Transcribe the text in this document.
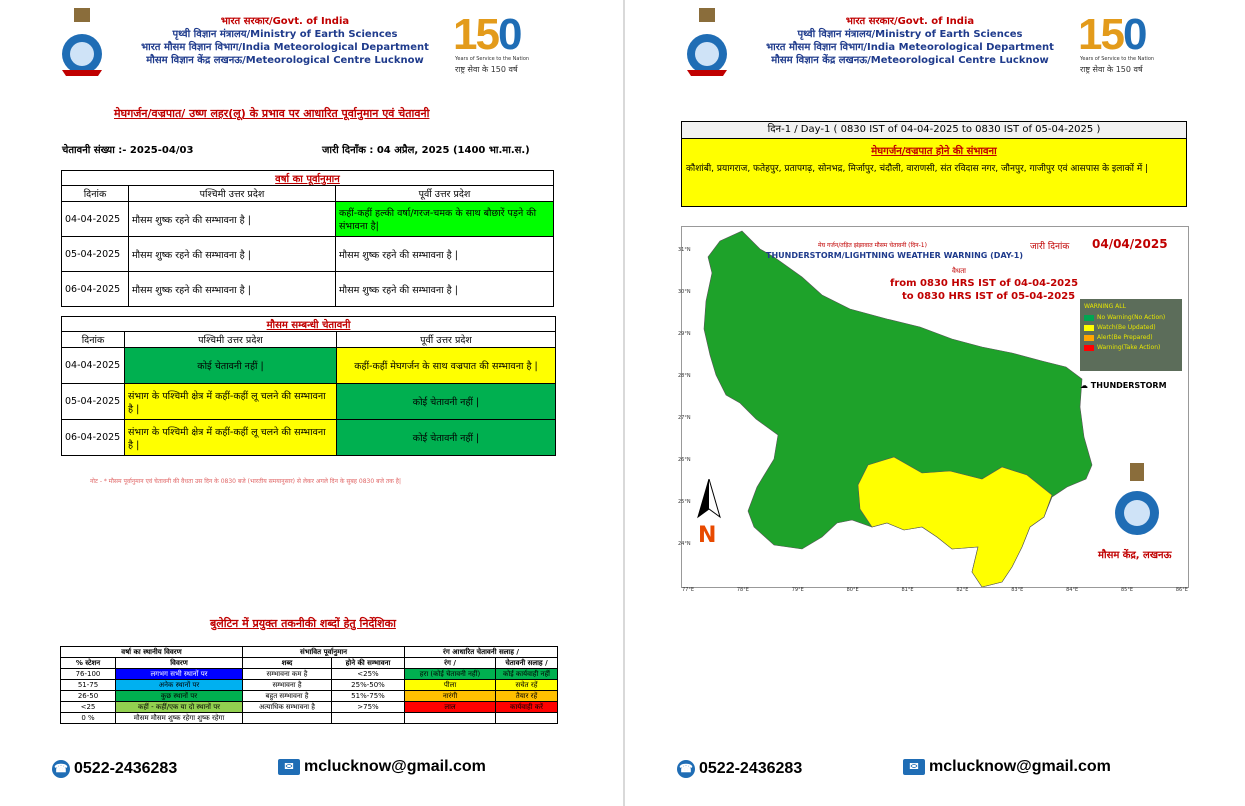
भारत सरकार/Govt. of India
पृथ्वी विज्ञान मंत्रालय/Ministry of Earth Sciences
भारत मौसम विज्ञान विभाग/India Meteorological Department
मौसम विज्ञान केंद्र लखनऊ/Meteorological Centre Lucknow
150
Years of Service to the Nation
राष्ट्र सेवा के 150 वर्ष
मेघगर्जन/वज्रपात/ उष्ण लहर(लू) के प्रभाव पर आधारित पूर्वानुमान एवं चेतावनी
चेतावनी संख्या :- 2025-04/03	जारी दिनाँक : 04 अप्रैल, 2025 (1400 भा.मा.स.)
वर्षा का पूर्वानुमान		
दिनांक	पश्चिमी उत्तर प्रदेश	पूर्वी उत्तर प्रदेश
04-04-2025	मौसम शुष्क रहने की सम्भावना है |	कहीं-कहीं हल्की वर्षा/गरज-चमक के साथ बौछारें पड़ने की संभावना है|
05-04-2025	मौसम शुष्क रहने की सम्भावना है |	मौसम शुष्क रहने की सम्भावना है |
06-04-2025	मौसम शुष्क रहने की सम्भावना है |	मौसम शुष्क रहने की सम्भावना है |
मौसम सम्बन्धी चेतावनी		
दिनांक	पश्चिमी उत्तर प्रदेश	पूर्वी उत्तर प्रदेश
04-04-2025	कोई चेतावनी नहीं |	कहीं-कहीं मेघगर्जन के साथ वज्रपात की सम्भावना है |
05-04-2025	संभाग के पश्चिमी क्षेत्र में कहीं-कहीं लू चलने की सम्भावना है |	कोई चेतावनी नहीं |
06-04-2025	संभाग के पश्चिमी क्षेत्र में कहीं-कहीं लू चलने की सम्भावना है |	कोई चेतावनी नहीं |
नोट - * मौसम पूर्वानुमान एवं चेतावनी की वैधता उस दिन के 0830 बजे (भारतीय समयानुसार) से लेकर अगले दिन के सुबह 0830 बजे तक है|
बुलेटिन में प्रयुक्त तकनीकी शब्दों हेतु निर्देशिका
वर्षा का स्थानीय विवरण		संभावित पूर्वानुमान		रंग आधारित चेतावनी सलाह /	
% स्टेशन	विवरण	शब्द	होने की सम्भावना	रंग /	चेतावनी सलाह /
76-100	लगभग सभी स्थानों पर	सम्भावना कम है	<25%	हरा (कोई चेतावनी नहीं)	कोई कार्यवाही नहीं
51-75	अनेक स्थानों पर	सम्भावना है	25%-50%	पीला	सचेत रहें
26-50	कुछ स्थानों पर	बहुत सम्भावना है	51%-75%	नारंगी	तैयार रहें
<25	कहीं - कहीं/एक या दो स्थानों पर	अत्याधिक सम्भावना है	>75%	लाल	कार्यवाही करें
0 %	मौसम मौसम शुष्क रहेगा शुष्क रहेगा				
☎ 0522-2436283	✉ mclucknow@gmail.com
भारत सरकार/Govt. of India
पृथ्वी विज्ञान मंत्रालय/Ministry of Earth Sciences
भारत मौसम विज्ञान विभाग/India Meteorological Department
मौसम विज्ञान केंद्र लखनऊ/Meteorological Centre Lucknow
150
Years of Service to the Nation
राष्ट्र सेवा के 150 वर्ष
दिन-1 / Day-1 ( 0830 IST of 04-04-2025 to 0830 IST of 05-04-2025 )
मेघगर्जन/वज्रपात होने की संभावना
कौशांबी, प्रयागराज, फतेहपुर, प्रतापगढ़, सोनभद्र, मिर्जापुर, चंदौली, वाराणसी, संत रविदास नगर, जौनपुर, गाजीपुर एवं आसपास के इलाकों में |
मेघ गर्जन/तड़ित झंझावात मौसम चेतावनी (दिन-1)	जारी दिनांक 04/04/2025
THUNDERSTORM/LIGHTNING WEATHER WARNING (DAY-1)
वैधता
from 0830 HRS IST of 04-04-2025
to 0830 HRS IST of 05-04-2025
WARNING ALL
No Warning(No Action)
Watch(Be Updated)
Alert(Be Prepared)
Warning(Take Action)
☁ THUNDERSTORM
N
मौसम केंद्र, लखनऊ
77°E	78°E	79°E	80°E	81°E	82°E	83°E	84°E	85°E	86°E
31°N
30°N
29°N
28°N
27°N
26°N
25°N
24°N
☎ 0522-2436283	✉ mclucknow@gmail.com
